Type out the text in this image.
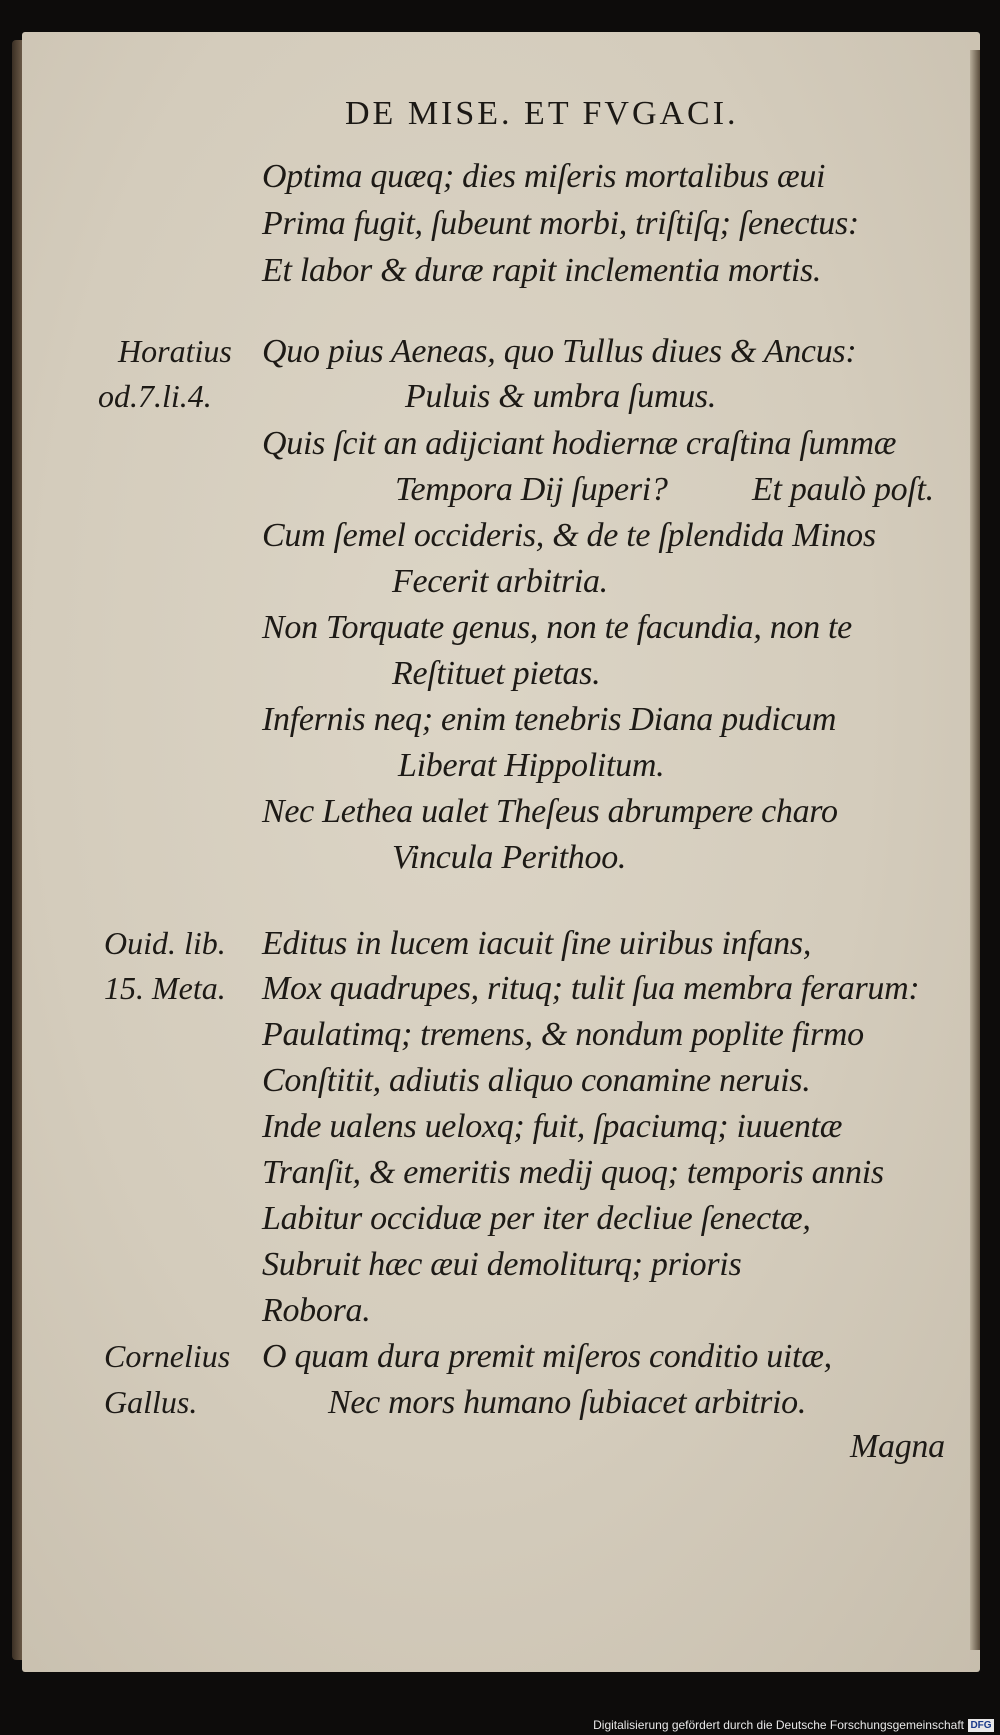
DE MISE. ET FVGACI.
Horatius
od.7.li.4.
Ouid. lib.
15. Meta.
Cornelius
Gallus.
Optima quæq; dies miſeris mortalibus æui
Prima fugit, ſubeunt morbi, triſtiſq; ſenectus:
Et labor & duræ rapit inclementia mortis.
Quo pius Aeneas, quo Tullus diues & Ancus:
Puluis & umbra ſumus.
Quis ſcit an adijciant hodiernæ craſtina ſummæ
Tempora Dij ſuperi? Et paulò poſt.
Cum ſemel occideris, & de te ſplendida Minos
Fecerit arbitria.
Non Torquate genus, non te facundia, non te
Reſtituet pietas.
Infernis neq; enim tenebris Diana pudicum
Liberat Hippolitum.
Nec Lethea ualet Theſeus abrumpere charo
Vincula Perithoo.
Editus in lucem iacuit ſine uiribus infans,
Mox quadrupes, rituq; tulit ſua membra ferarum:
Paulatimq; tremens, & nondum poplite firmo
Conſtitit, adiutis aliquo conamine neruis.
Inde ualens ueloxq; fuit, ſpaciumq; iuuentæ
Tranſit, & emeritis medij quoq; temporis annis
Labitur occiduæ per iter decliue ſenectæ,
Subruit hæc æui demoliturq; prioris
Robora.
O quam dura premit miſeros conditio uitæ,
Nec mors humano ſubiacet arbitrio.
Magna
Digitalisierung gefördert durch die Deutsche Forschungsgemeinschaft DFG
